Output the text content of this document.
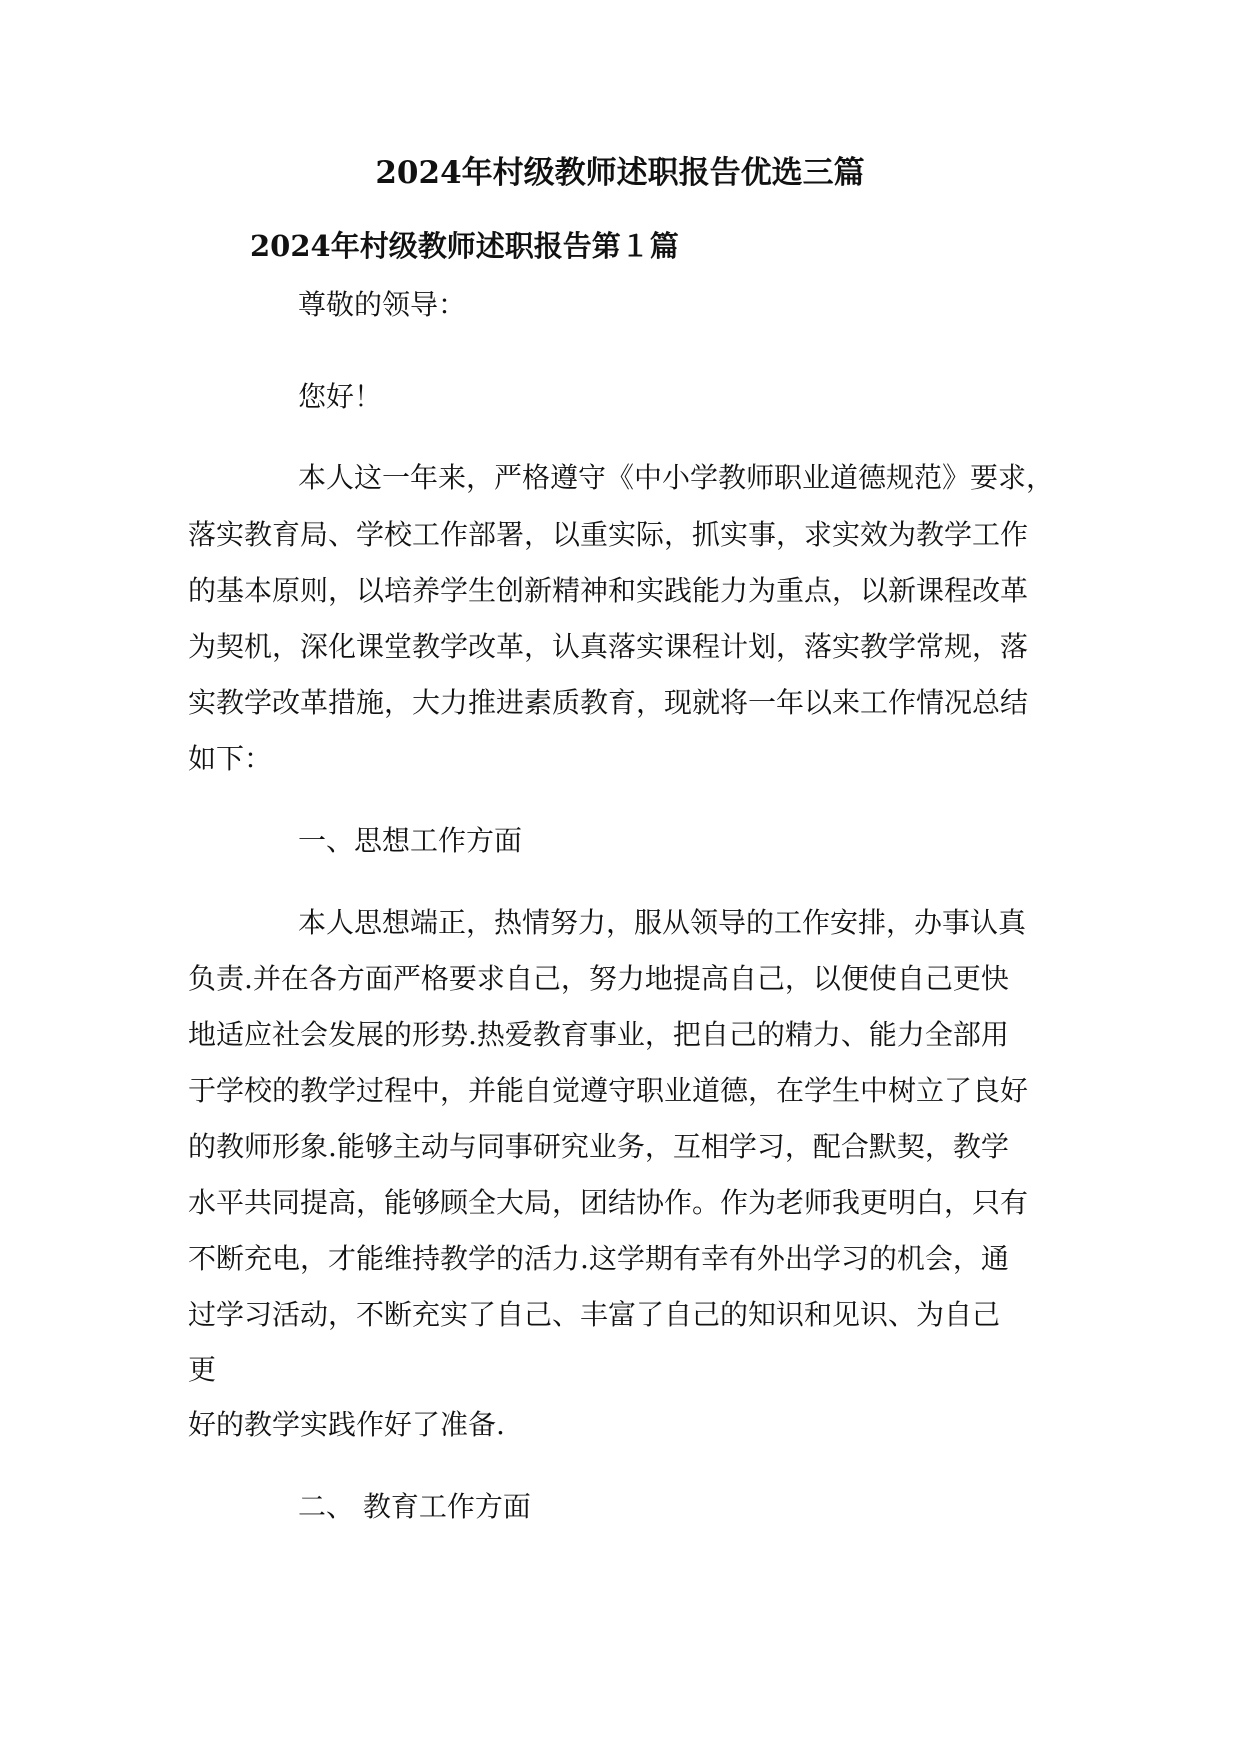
2024年村级教师述职报告优选三篇
2024年村级教师述职报告第１篇
尊敬的领导：
您好！
本人这一年来，严格遵守《中小学教师职业道德规范》要求，
落实教育局、学校工作部署，以重实际，抓实事，求实效为教学工作
的基本原则，以培养学生创新精神和实践能力为重点，以新课程改革
为契机，深化课堂教学改革，认真落实课程计划，落实教学常规，落
实教学改革措施，大力推进素质教育，现就将一年以来工作情况总结
如下：
一、思想工作方面
本人思想端正，热情努力，服从领导的工作安排，办事认真
负责.并在各方面严格要求自己，努力地提高自己，以便使自己更快
地适应社会发展的形势.热爱教育事业，把自己的精力、能力全部用
于学校的教学过程中，并能自觉遵守职业道德，在学生中树立了良好
的教师形象.能够主动与同事研究业务，互相学习，配合默契，教学
水平共同提高，能够顾全大局，团结协作。作为老师我更明白，只有
不断充电，才能维持教学的活力.这学期有幸有外出学习的机会，通
过学习活动，不断充实了自己、丰富了自己的知识和见识、为自己
更
好的教学实践作好了准备.
二、 教育工作方面
